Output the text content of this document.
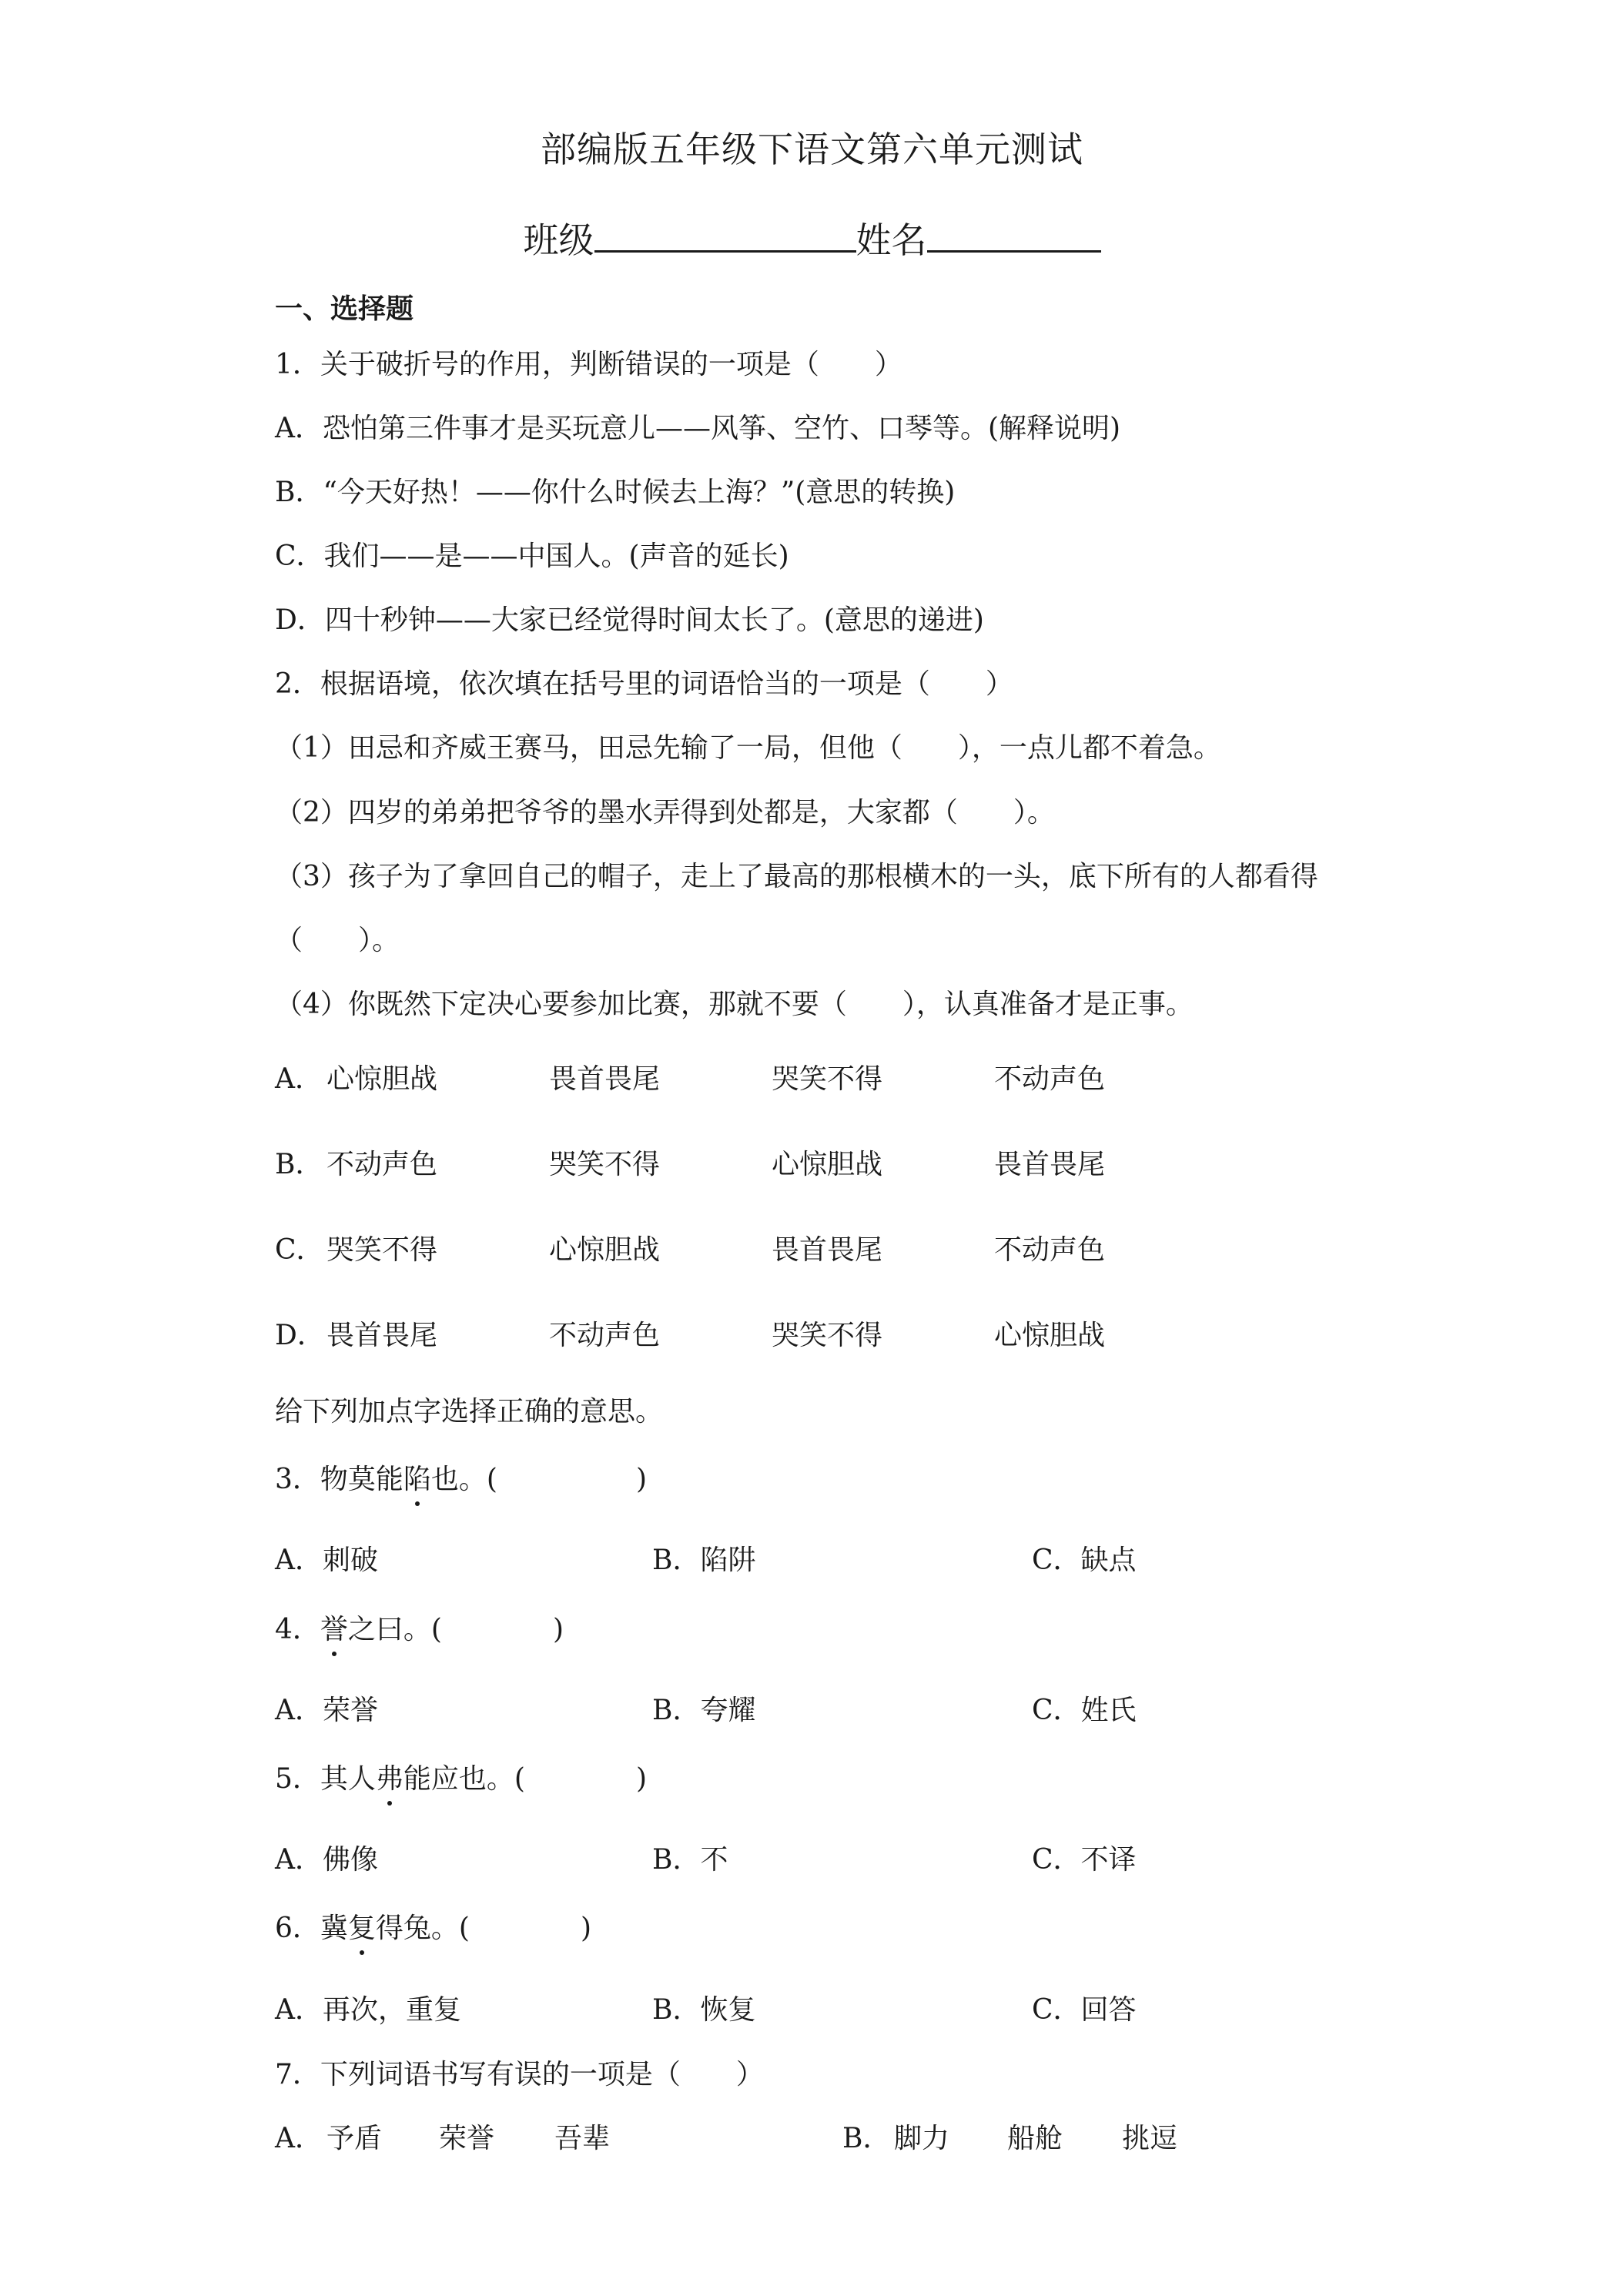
部编版五年级下语文第六单元测试
班级	姓名
一、选择题
1．关于破折号的作用，判断错误的一项是（　　）
A．恐怕第三件事才是买玩意儿——风筝、空竹、口琴等。(解释说明)
B．“今天好热！——你什么时候去上海？”(意思的转换)
C．我们——是——中国人。(声音的延长)
D．四十秒钟——大家已经觉得时间太长了。(意思的递进)
2．根据语境，依次填在括号里的词语恰当的一项是（　　）
（1）田忌和齐威王赛马，田忌先输了一局，但他（　　），一点儿都不着急。
（2）四岁的弟弟把爷爷的墨水弄得到处都是，大家都（　　）。
（3）孩子为了拿回自己的帽子，走上了最高的那根横木的一头，底下所有的人都看得
（　　）。
（4）你既然下定决心要参加比赛，那就不要（　　），认真准备才是正事。
A． 心惊胆战	畏首畏尾	哭笑不得	不动声色
B． 不动声色	哭笑不得	心惊胆战	畏首畏尾
C． 哭笑不得	心惊胆战	畏首畏尾	不动声色
D． 畏首畏尾	不动声色	哭笑不得	心惊胆战
给下列加点字选择正确的意思。
3．物莫能陷也。(　　　　　)
A．刺破	B．陷阱	C．缺点
4．誉之曰。(　　　　)
A．荣誉	B．夸耀	C．姓氏
5．其人弗能应也。(　　　　)
A．佛像	B．不	C．不译
6．冀复得兔。(　　　　)
A．再次，重复	B．恢复	C．回答
7．下列词语书写有误的一项是（　　）
A． 予盾 荣誉 吾辈	B． 脚力 船舱 挑逗
